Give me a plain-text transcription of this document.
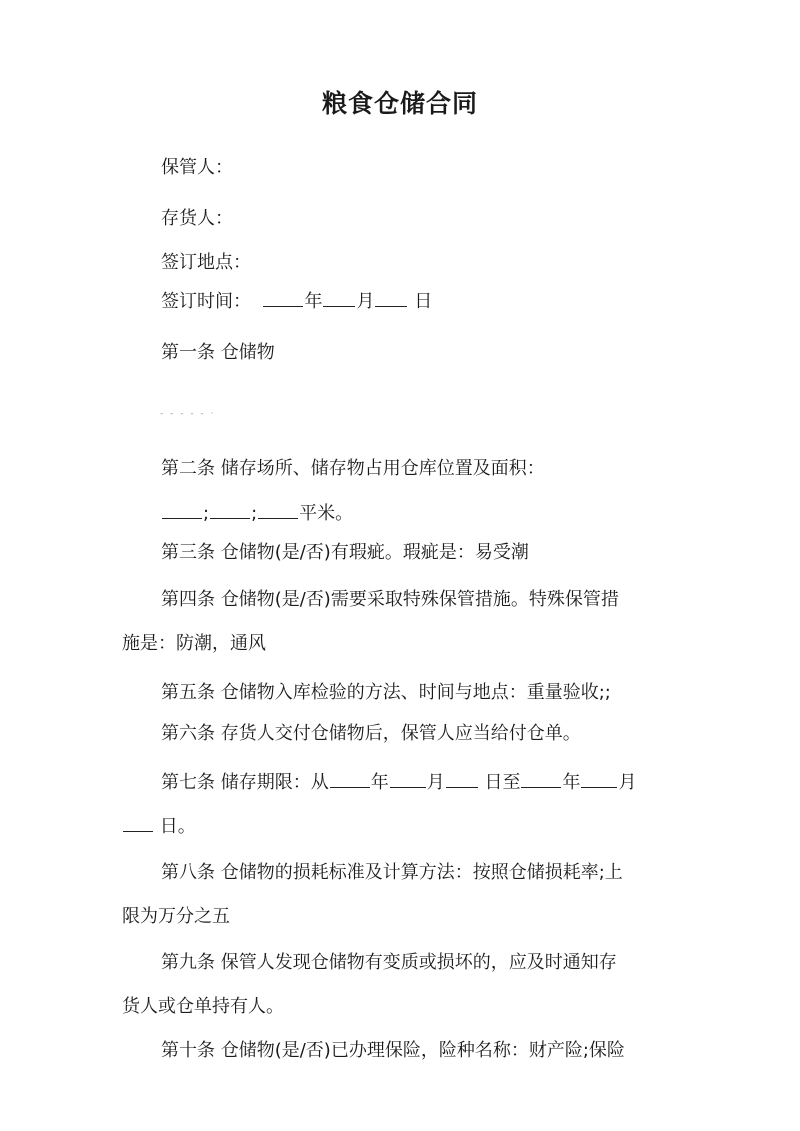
粮食仓储合同
保管人：
存货人：
签订地点：
签订时间：	年 月 日
第一条 仓储物
- - - - - ·
第二条 储存场所、储存物占用仓库位置及面积：
; ; 平米。
第三条 仓储物(是/否)有瑕疵。瑕疵是：易受潮
第四条 仓储物(是/否)需要采取特殊保管措施。特殊保管措
施是：防潮，通风
第五条 仓储物入库检验的方法、时间与地点：重量验收;;
第六条 存货人交付仓储物后，保管人应当给付仓单。
第七条 储存期限：从 年 月 日至 年 月
日。
第八条 仓储物的损耗标准及计算方法：按照仓储损耗率;上
限为万分之五
第九条 保管人发现仓储物有变质或损坏的，应及时通知存
货人或仓单持有人。
第十条 仓储物(是/否)已办理保险，险种名称：财产险;保险
